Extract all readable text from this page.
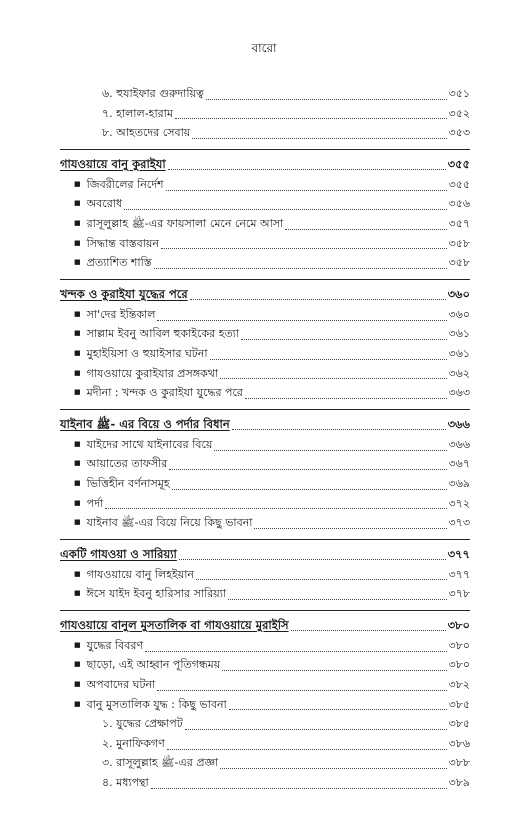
বারো
৬. হুযাইফার গুরুদায়িত্ব	৩৫১
৭. হালাল-হারাম	৩৫২
৮. আহতদের সেবায়	৩৫৩
গাযওয়ায়ে বানু কুরাইযা	৩৫৫
■ জিবরীলের নির্দেশ	৩৫৫
■ অবরোধ	৩৫৬
■ রাসূলুল্লাহ ﷺ-এর ফায়সালা মেনে নেমে আসা	৩৫৭
■ সিদ্ধান্ত বাস্তবায়ন	৩৫৮
■ প্রত্যাশিত শাস্তি	৩৫৮
খন্দক ও কুরাইযা যুদ্ধের পরে	৩৬০
■ সা'দের ইন্তিকাল	৩৬০
■ সাল্লাম ইবনু আবিল হুকাইকের হত্যা	৩৬১
■ মুহাইয়িসা ও হুয়াইসার ঘটনা	৩৬১
■ গাযওয়ায়ে কুরাইযার প্রসঙ্গকথা	৩৬২
■ মদীনা : খন্দক ও কুরাইযা যুদ্ধের পরে	৩৬৩
যাইনাব ﷺ- এর বিয়ে ও পর্দার বিধান	৩৬৬
■ যাইদের সাথে যাইনাবের বিয়ে	৩৬৬
■ আয়াতের তাফসীর	৩৬৭
■ ভিত্তিহীন বর্ণনাসমূহ	৩৬৯
■ পর্দা	৩৭২
■ যাইনাব ﷺ-এর বিয়ে নিয়ে কিছু ভাবনা	৩৭৩
একটি গাযওয়া ও সারিয়্যা	৩৭৭
■ গাযওয়ায়ে বানু লিহইয়ান	৩৭৭
■ ঈসে যাইদ ইবনু হারিসার সারিয়্যা	৩৭৮
গাযওয়ায়ে বানুল মুসতালিক বা গাযওয়ায়ে মুরাইসি	৩৮০
■ যুদ্ধের বিবরণ	৩৮০
■ ছাড়ো, এই আহ্বান পূতিগন্ধময়	৩৮০
■ অপবাদের ঘটনা	৩৮২
■ বানু মুসতালিক যুদ্ধ : কিছু ভাবনা	৩৮৫
১. যুদ্ধের প্রেক্ষাপট	৩৮৫
২. মুনাফিকগণ	৩৮৬
৩. রাসূলুল্লাহ ﷺ-এর প্রজ্ঞা	৩৮৮
৪. মধ্যপন্থা	৩৮৯
